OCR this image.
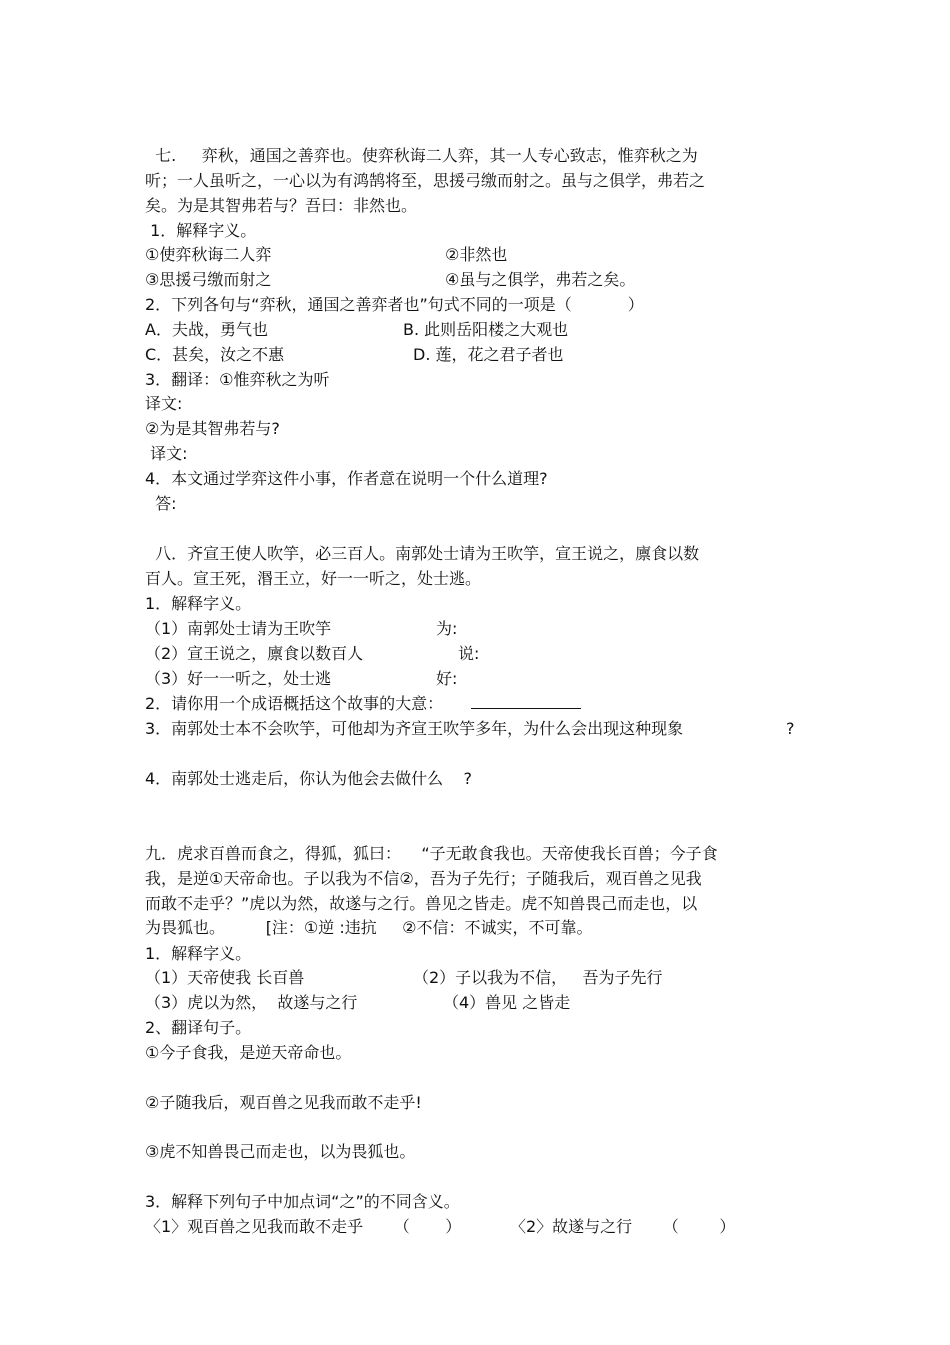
七.     弈秋，通国之善弈也。使弈秋诲二人弈，其一人专心致志，惟弈秋之为
听；一人虽听之，一心以为有鸿鹄将至，思援弓缴而射之。虽与之俱学，弗若之
矣。为是其智弗若与？吾曰：非然也。
1．解释字义。
①使弈秋诲二人弈	②非然也
③思援弓缴而射之	④虽与之俱学，弗若之矣。
2．下列各句与“弈秋，通国之善弈者也”句式不同的一项是（           ）
A．夫战，勇气也	B. 此则岳阳楼之大观也
C．甚矣，汝之不惠	D. 莲，花之君子者也
3．翻译：①惟弈秋之为听
译文:
②为是其智弗若与?
译文:
4．本文通过学弈这件小事，作者意在说明一个什么道理?
答:
八．齐宣王使人吹竽，必三百人。南郭处士请为王吹竽，宣王说之，廪食以数
百人。宣王死，湣王立，好一一听之，处士逃。
1．解释字义。
（1）南郭处士请为王吹竽	为:
（2）宣王说之，廪食以数百人	说:
（3）好一一听之，处士逃	好:
2．请你用一个成语概括这个故事的大意：
3．南郭处士本不会吹竽，可他却为齐宣王吹竽多年，为什么会出现这种现象	?
4．南郭处士逃走后，你认为他会去做什么    ?
九．虎求百兽而食之，得狐，狐曰：    “子无敢食我也。天帝使我长百兽；今子食
我，是逆①天帝命也。子以我为不信②，吾为子先行；子随我后，观百兽之见我
而敢不走乎？”虎以为然，故遂与之行。兽见之皆走。虎不知兽畏己而走也，以
为畏狐也。        [注：①逆 :违抗     ②不信：不诚实，不可靠。
1．解释字义。
（1）天帝使我 长百兽	（2）子以我为不信，   吾为子先行
（3）虎以为然，  故遂与之行	（4）兽见 之皆走
2、翻译句子。
①今子食我，是逆天帝命也。
②子随我后，观百兽之见我而敢不走乎!
③虎不知兽畏己而走也，以为畏狐也。
3．解释下列句子中加点词“之”的不同含义。
〈1〉观百兽之见我而敢不走乎      （       ）	〈2〉故遂与之行      （        ）
